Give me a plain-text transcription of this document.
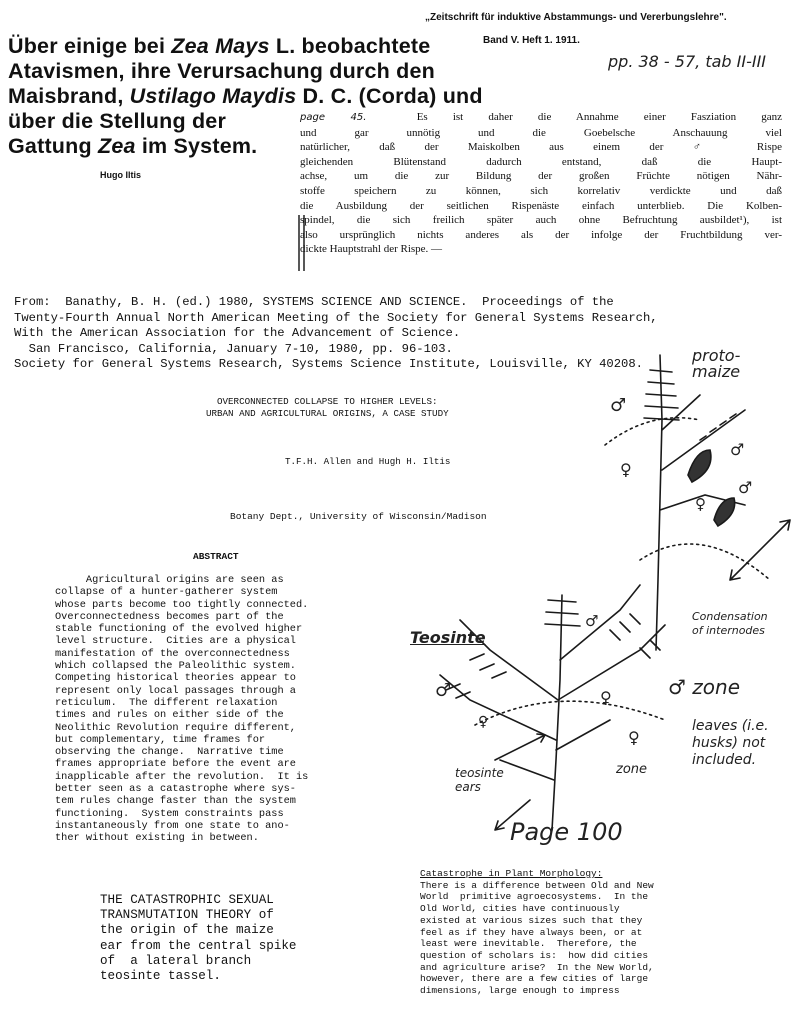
Über einige bei Zea Mays L. beobachtete
Atavismen, ihre Verursachung durch den
Maisbrand, Ustilago Maydis D. C. (Corda) und
über die Stellung der
Gattung Zea im System.
Hugo Iltis
„Zeitschrift für induktive Abstammungs- und Vererbungslehre".
Band V. Heft 1. 1911.
pp. 38 - 57, tab II-III
page 45.	Es ist daher die Annahme einer Fasziation ganz
und gar unnötig und die Goebelsche Anschauung viel
natürlicher, daß der Maiskolben aus einem der ♂ Rispe
gleichenden Blütenstand dadurch entstand, daß die Haupt-
achse, um die zur Bildung der großen Früchte nötigen Nähr-
stoffe speichern zu können, sich korrelativ verdickte und daß
die Ausbildung der seitlichen Rispenäste einfach unterblieb. Die Kolben-
spindel, die sich freilich später auch ohne Befruchtung ausbildet¹), ist
also ursprünglich nichts anderes als der infolge der Fruchtbildung ver-
dickte Hauptstrahl der Rispe. —
From:  Banathy, B. H. (ed.) 1980, SYSTEMS SCIENCE AND SCIENCE.  Proceedings of the
Twenty-Fourth Annual North American Meeting of the Society for General Systems Research,
With the American Association for the Advancement of Science.
San Francisco, California, January 7-10, 1980, pp. 96-103.
Society for General Systems Research, Systems Science Institute, Louisville, KY 40208.
OVERCONNECTED COLLAPSE TO HIGHER LEVELS:
URBAN AND AGRICULTURAL ORIGINS, A CASE STUDY
T.F.H. Allen and Hugh H. Iltis
Botany Dept., University of Wisconsin/Madison
ABSTRACT
Agricultural origins are seen as
collapse of a hunter-gatherer system
whose parts become too tightly connected.
Overconnectedness becomes part of the
stable functioning of the evolved higher
level structure.  Cities are a physical
manifestation of the overconnectedness
which collapsed the Paleolithic system.
Competing historical theories appear to
represent only local passages through a
reticulum.  The different relaxation
times and rules on either side of the
Neolithic Revolution require different,
but complementary, time frames for
observing the change.  Narrative time
frames appropriate before the event are
inapplicable after the revolution.  It is
better seen as a catastrophe where sys-
tem rules change faster than the system
functioning.  System constraints pass
instantaneously from one state to ano-
ther without existing in between.
THE CATASTROPHIC SEXUAL
TRANSMUTATION THEORY of
the origin of the maize
ear from the central spike
of  a lateral branch
teosinte tassel.
Catastrophe in Plant Morphology:
There is a difference between Old and New
World  primitive agroecosystems.  In the
Old World, cities have continuously
existed at various sizes such that they
feel as if they have always been, or at
least were inevitable.  Therefore, the
question of scholars is:  how did cities
and agriculture arise?  In the New World,
however, there are a few cities of large
dimensions, large enough to impress
proto-
maize
Condensation
of internodes
Teosinte
♂ zone
leaves (i.e.
husks) not
included.
zone
teosinte
ears
Page 100
♂
♂
♂
♀
♀
♂
♂	♀
♀
♀
